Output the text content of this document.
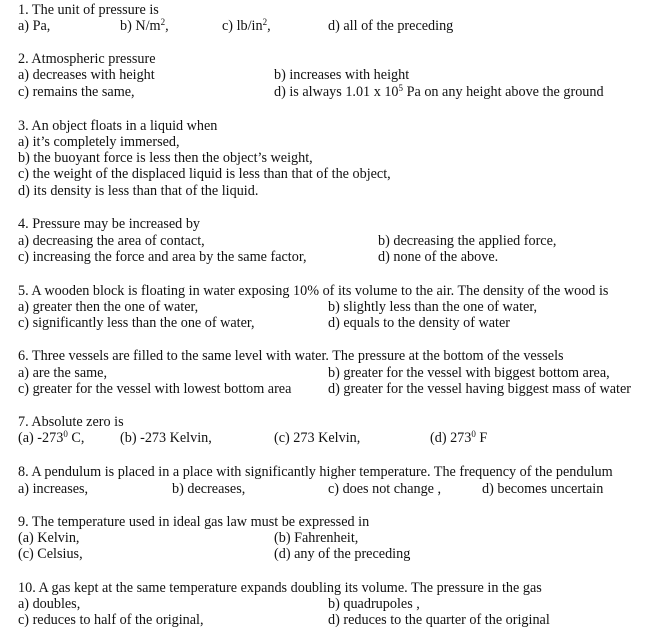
1. The unit of pressure is
a) Pa,	b) $N/m^2$,	c) $lb/in^2$,	d) all of the preceding
2. Atmospheric pressure
a) decreases with height	b) increases with height
c) remains the same,	d) is always 1.01 x $10^5$ Pa on any height above the ground
3. An object floats in a liquid when
a) it’s completely immersed,
b) the buoyant force is less then the object’s weight,
c) the weight of the displaced liquid is less than that of the object,
d) its density is less than that of the liquid.
4. Pressure may be increased by
a) decreasing the area of contact,	b) decreasing the applied force,
c) increasing the force and area by the same factor,	d) none of the above.
5. A wooden block is floating in water exposing 10% of its volume to the air. The density of the wood is
a) greater then the one of water,	b) slightly less than the one of water,
c) significantly less than the one of water,	d) equals to the density of water
6. Three vessels are filled to the same level with water. The pressure at the bottom of the vessels
a) are the same,	b) greater for the vessel with biggest bottom area,
c) greater for the vessel with lowest bottom area	d) greater for the vessel having biggest mass of water
7. Absolute zero is
(a) $-273^0$ C,	(b) -273 Kelvin,	(c) 273 Kelvin,	(d) $273^0$ F
8. A pendulum is placed in a place with significantly higher temperature. The frequency of the pendulum
a) increases,	b) decreases,	c) does not change ,	d) becomes uncertain
9. The temperature used in ideal gas law must be expressed in
(a) Kelvin,	(b) Fahrenheit,
(c) Celsius,	(d) any of the preceding
10. A gas kept at the same temperature expands doubling its volume. The pressure in the gas
a) doubles,	b) quadrupoles ,
c) reduces to half of the original,	d) reduces to the quarter of the original
